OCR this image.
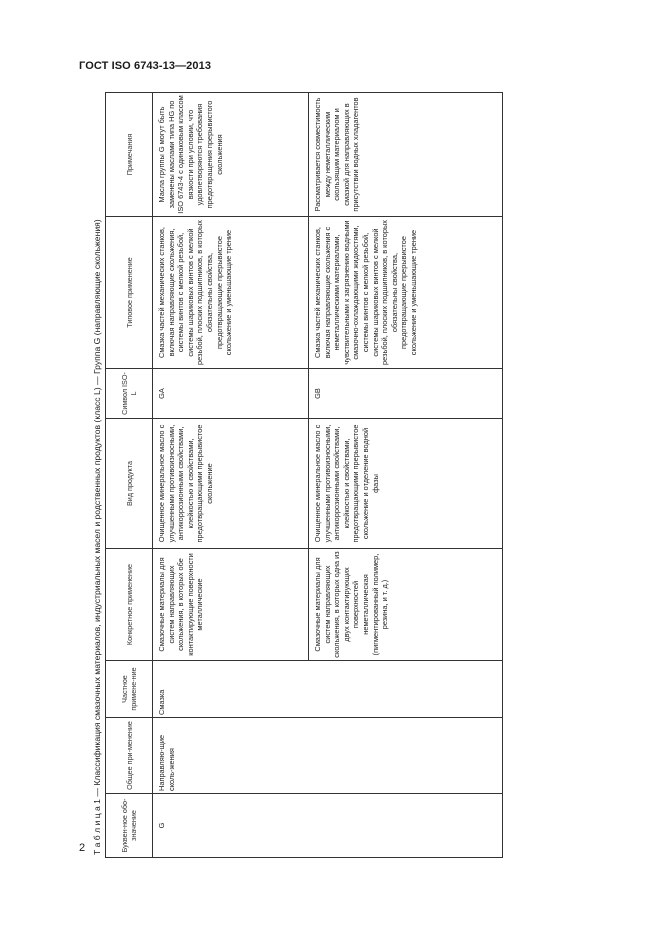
ГОСТ ISO 6743-13—2013
Т а б л и ц а 1 — Классификация смазочных материалов, индустриальных масел и родственных продуктов (класс L) — Группа G (направляющие скольжения)	Буквен-ное обо-значение	Общее при-менение	Частное примене-ние	Конкретное применение	Вид продукта	Символ ISO-L	Типовое применение	Примечания
G	Направляю-щие сколь-жения	Смазка	Смазочные материалы для систем направляющих скольжения, в которых обе контактирующие поверхности металлические	Очищенное минеральное масло с улучшенными противоизносными, антикоррозионными свойствами, клейкостью и свойствами, предотвращающими прерывистое скольжение	GA	Смазка частей механических станков, включая направляющие скольжения, системы винтов с мелкой резьбой, системы шариковых винтов с мелкой резьбой, плоских подшипников, в которых обязательны свойства, предотвращающие прерывистое скольжение и уменьшающие трение	Масла группы G могут быть заменены маслами типа HG по ISO 6743-4 с одинаковым классом вязкости при условии, что удовлетворяются требования предотвращения прерывистого скольжения
			Смазочные материалы для систем направляющих скольжения, в которых одна из двух контактирующих поверхностей неметаллическая (пигментированный полимер, резина, и т. д.)	Очищенное минеральное масло с улучшенными противоизносными, антикоррозионными свойствами, клейкостью и свойствами, предотвращающими прерывистое скольжение и отделение водной фазы	GB	Смазка частей механических станков, включая направляющие скольжения с неметаллическими материалами, чувствительными к загрязнению водными смазочно-охлаждающими жидкостями, системы винтов с мелкой резьбой, системы шариковых винтов с мелкой резьбой, плоских подшипников, в которых обязательны свойства, предотвращающие прерывистое скольжение и уменьшающие трение	Рассматривается совместимость между неметаллическим скользящим материалом и смазкой для направляющих в присутствии водных хладагентов
2
